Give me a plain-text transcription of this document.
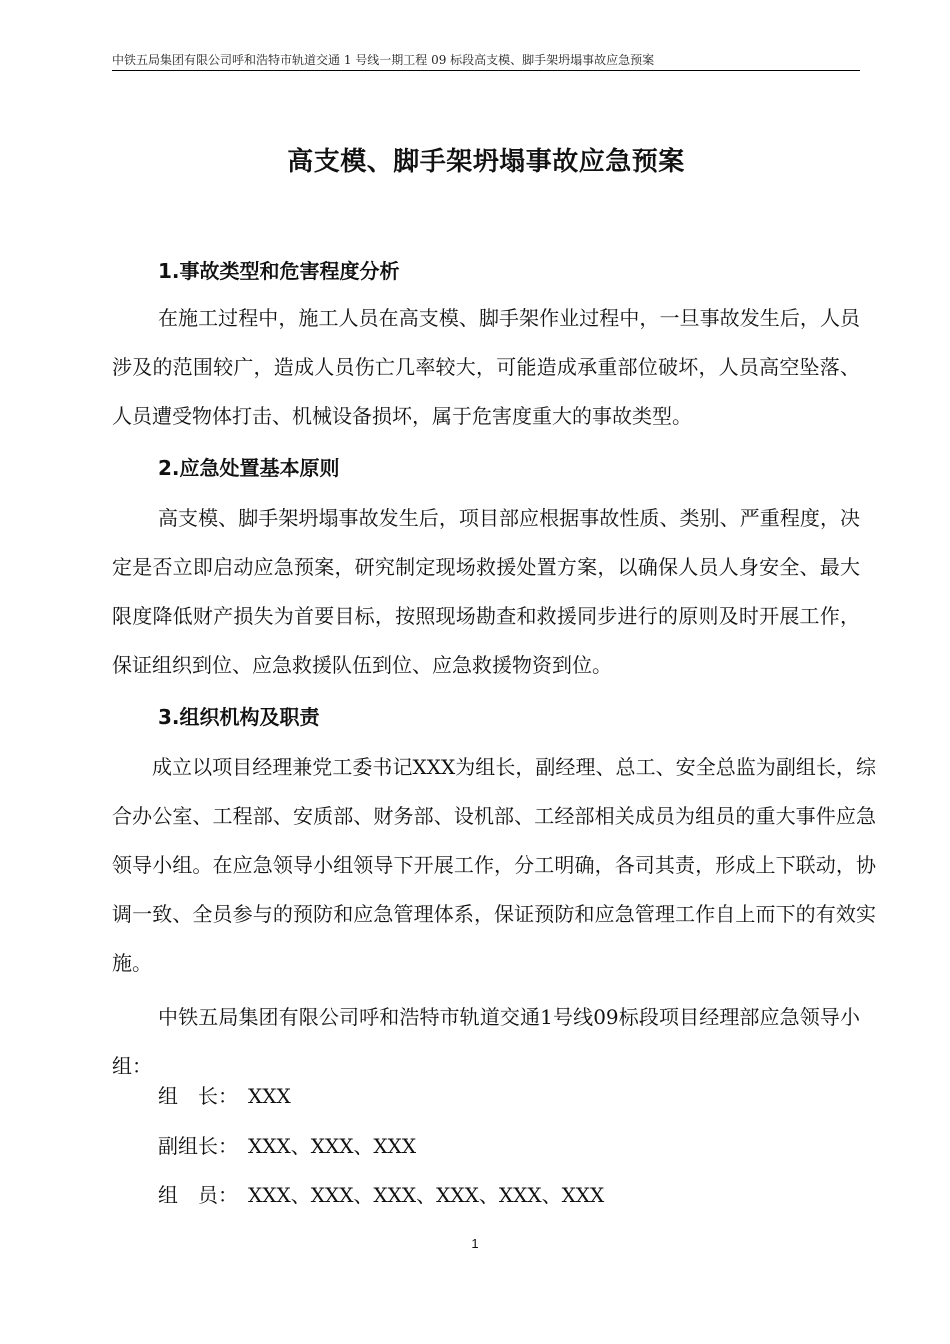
中铁五局集团有限公司呼和浩特市轨道交通 1 号线一期工程 09 标段高支模、脚手架坍塌事故应急预案
高支模、脚手架坍塌事故应急预案
1.事故类型和危害程度分析

在施工过程中，施工人员在高支模、脚手架作业过程中，一旦事故发生后，人员涉及的范围较广，造成人员伤亡几率较大，可能造成承重部位破坏，人员高空坠落、人员遭受物体打击、机械设备损坏，属于危害度重大的事故类型。

2.应急处置基本原则

高支模、脚手架坍塌事故发生后，项目部应根据事故性质、类别、严重程度，决定是否立即启动应急预案，研究制定现场救援处置方案，以确保人员人身安全、最大限度降低财产损失为首要目标，按照现场勘查和救援同步进行的原则及时开展工作，保证组织到位、应急救援队伍到位、应急救援物资到位。

3.组织机构及职责

成立以项目经理兼党工委书记XXX为组长，副经理、总工、安全总监为副组长，综合办公室、工程部、安质部、财务部、设机部、工经部相关成员为组员的重大事件应急领导小组。在应急领导小组领导下开展工作，分工明确，各司其责，形成上下联动，协调一致、全员参与的预防和应急管理体系，保证预防和应急管理工作自上而下的有效实施。

中铁五局集团有限公司呼和浩特市轨道交通1号线09标段项目经理部应急领导小组：

组　长： XXX
副组长： XXX、XXX、XXX
组　员： XXX、XXX、XXX、XXX、XXX、XXX
1
